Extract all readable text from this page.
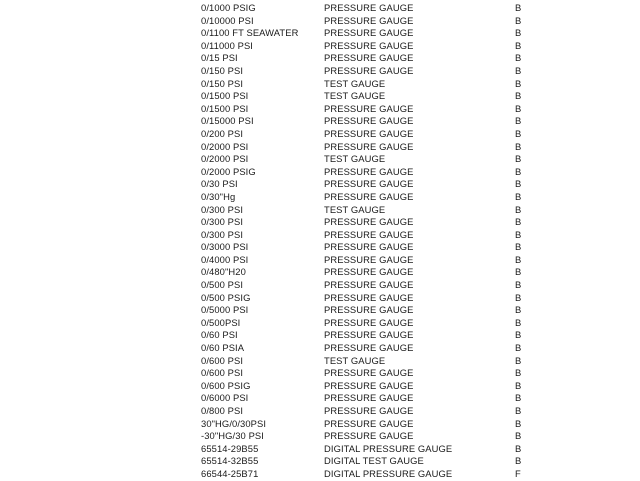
0/1000 PSIG	PRESSURE GAUGE	B
0/10000 PSI	PRESSURE GAUGE	B
0/1100 FT SEAWATER	PRESSURE GAUGE	B
0/11000 PSI	PRESSURE GAUGE	B
0/15 PSI	PRESSURE GAUGE	B
0/150 PSI	PRESSURE GAUGE	B
0/150 PSI	TEST GAUGE	B
0/1500 PSI	TEST GAUGE	B
0/1500 PSI	PRESSURE GAUGE	B
0/15000 PSI	PRESSURE GAUGE	B
0/200 PSI	PRESSURE GAUGE	B
0/2000 PSI	PRESSURE GAUGE	B
0/2000 PSI	TEST GAUGE	B
0/2000 PSIG	PRESSURE GAUGE	B
0/30 PSI	PRESSURE GAUGE	B
0/30"Hg	PRESSURE GAUGE	B
0/300 PSI	TEST GAUGE	B
0/300 PSI	PRESSURE GAUGE	B
0/300 PSI	PRESSURE GAUGE	B
0/3000 PSI	PRESSURE GAUGE	B
0/4000 PSI	PRESSURE GAUGE	B
0/480"H20	PRESSURE GAUGE	B
0/500 PSI	PRESSURE GAUGE	B
0/500 PSIG	PRESSURE GAUGE	B
0/5000 PSI	PRESSURE GAUGE	B
0/500PSI	PRESSURE GAUGE	B
0/60 PSI	PRESSURE GAUGE	B
0/60 PSIA	PRESSURE GAUGE	B
0/600 PSI	TEST GAUGE	B
0/600 PSI	PRESSURE GAUGE	B
0/600 PSIG	PRESSURE GAUGE	B
0/6000 PSI	PRESSURE GAUGE	B
0/800 PSI	PRESSURE GAUGE	B
30"HG/0/30PSI	PRESSURE GAUGE	B
-30"HG/30 PSI	PRESSURE GAUGE	B
65514-29B55	DIGITAL PRESSURE GAUGE	B
65514-32B55	DIGITAL TEST GAUGE	B
66544-25B71	DIGITAL PRESSURE GAUGE	F
